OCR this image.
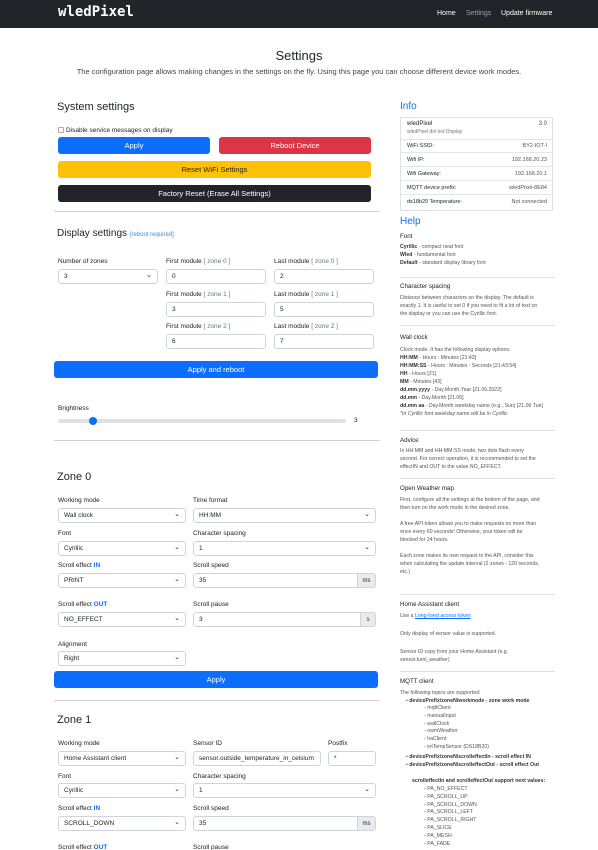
wledPixel	Home Settings Update firmware
Settings
The configuration page allows making changes in the settings on the fly. Using this page you can choose different device work modes.
System settings
Disable service messages on display
Apply	Reboot Device
Reset WiFi Settings
Factory Reset (Erase All Settings)
Display settings [reboot required]
Number of zones
3 ⌄
First module [ zone 0 ]
0
Last module [ zone 0 ]
2
First module [ zone 1 ]
3
Last module [ zone 1 ]
5
First module [ zone 2 ]
6
Last module [ zone 2 ]
7
Apply and reboot
Brightness
3
Zone 0
Working mode
Wall clock ⌄
Time format
HH:MM ⌄
Font
Cyrillic ⌄
Character spacing
1 ⌄
Scroll effect IN
PRINT ⌄
Scroll speed
35	ms
Scroll effect OUT
NO_EFFECT ⌄
Scroll pause
3	s
Alignment
Right ⌄
Apply
Zone 1
Working mode
Home Assistant client ⌄
Sensor ID
sensor.outside_temperature_in_celsium
Postfix
*
Font
Cyrillic ⌄
Character spacing
1 ⌄
Scroll effect IN
SCROLL_DOWN ⌄
Scroll speed
35	ms
Scroll effect OUT	Scroll pause
Info
wledPixel	3.0
wledPixel dot led Display
WiFi SSID:	BY2-IOT-I
Wifi IP:	192.168.20.23
Wifi Gateway:	192.168.20.1
MQTT device prefix:	wledPixel-8E84
ds18b20 Temperature:	Not connected
Help
Font
Cyrillic - compact neat font
Wled - fundamental font
Default - standard display library font
Character spacing
Distance between characters on the display. The default is
exactly 1. It is useful to set 0 if you need to fit a lot of text on
the display or you can use the Cyrillic font.
Wall clock
Clock mode. It has the following display options:
HH:MM - Hours : Minutes [21:43]
HH:MM:SS - Hours : Minutes : Seconds [21:43:54]
HH - Hours [21]
MM - Minutes [43]
dd.mm.yyyy - Day.Month.Year [21.06.2022]
dd.mm - Day.Month [21.06]
dd.mm aa - Day.Month weekday name (e.g., Sun) [21.06 Tue]
*In Cyrillic font weekday name will be in Cyrillic
Advice
In HH:MM and HH:MM:SS mode, two dots flash every
second. For correct operation, it is recommended to set the
effectIN and OUT to the value NO_EFFECT.
Open Weather map
First, configure all the settings at the bottom of the page, and
then turn on the work mode in the desired zone.
A free API token allows you to make requests no more than
once every 60 seconds! Otherwise, your token will be
blocked for 24 hours.
Each zone makes its own request to the API, consider this
when calculating the update interval (2 zones - 120 seconds,
etc.)
Home Assistant client
Use a Long-lived access token
Only display of sensor value is supported.
Sensor ID copy from your Home Assistant (e.g.
sensor.tuml_weather)
MQTT client
The following topics are supported:
• devicePrefix/zoneN/workmode - zone work mode
◦ mqttClient
◦ manualInput
◦ wallClock
◦ owmWeather
◦ haClient
◦ intTempSensor (DS18B20)
• devicePrefix/zoneN/scrolleffectIn - scroll effect IN
• devicePrefix/zoneN/scrolleffectOut - scroll effect Out
scrolleffectIn and scrolleffectOut support next values:
◦ PA_NO_EFFECT
◦ PA_SCROLL_UP
◦ PA_SCROLL_DOWN
◦ PA_SCROLL_LEFT
◦ PA_SCROLL_RIGHT
◦ PA_SLICE
◦ PA_MESH
◦ PA_FADE
